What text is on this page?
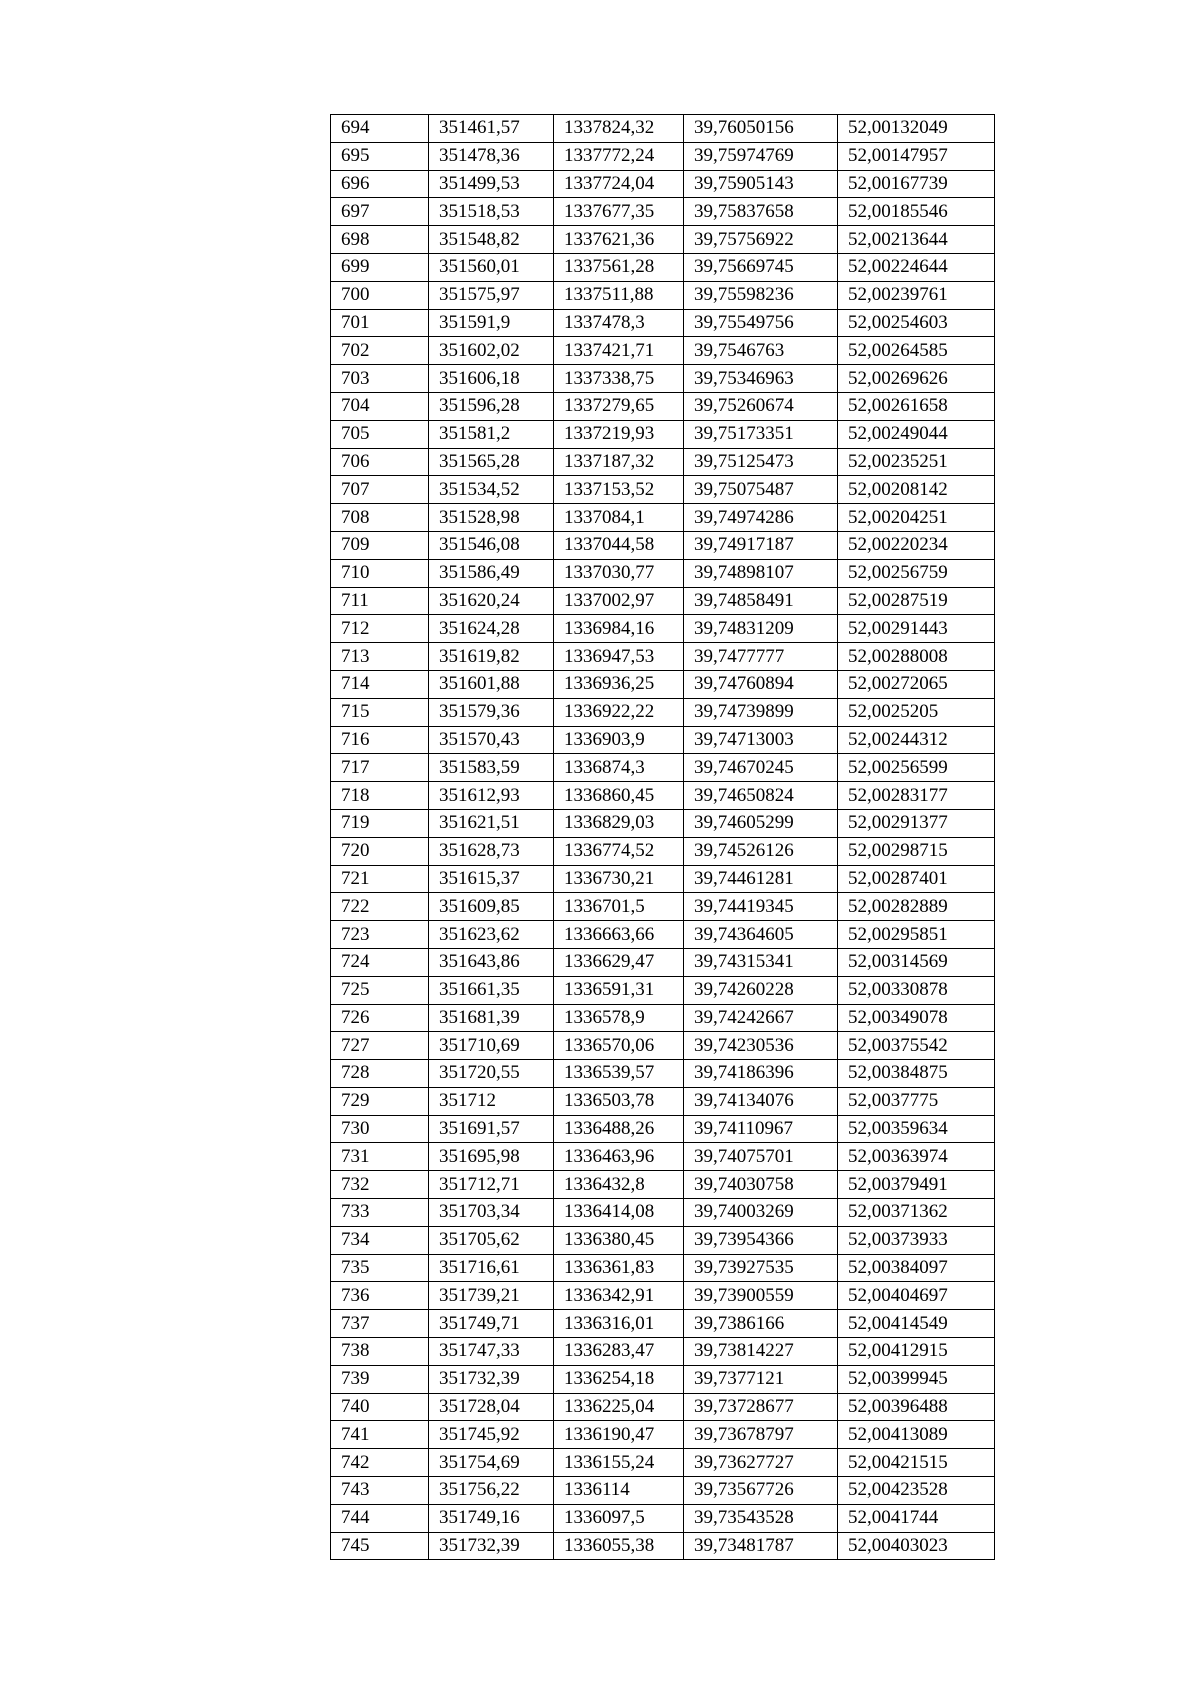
694	351461,57	1337824,32	39,76050156	52,00132049
695	351478,36	1337772,24	39,75974769	52,00147957
696	351499,53	1337724,04	39,75905143	52,00167739
697	351518,53	1337677,35	39,75837658	52,00185546
698	351548,82	1337621,36	39,75756922	52,00213644
699	351560,01	1337561,28	39,75669745	52,00224644
700	351575,97	1337511,88	39,75598236	52,00239761
701	351591,9	1337478,3	39,75549756	52,00254603
702	351602,02	1337421,71	39,7546763	52,00264585
703	351606,18	1337338,75	39,75346963	52,00269626
704	351596,28	1337279,65	39,75260674	52,00261658
705	351581,2	1337219,93	39,75173351	52,00249044
706	351565,28	1337187,32	39,75125473	52,00235251
707	351534,52	1337153,52	39,75075487	52,00208142
708	351528,98	1337084,1	39,74974286	52,00204251
709	351546,08	1337044,58	39,74917187	52,00220234
710	351586,49	1337030,77	39,74898107	52,00256759
711	351620,24	1337002,97	39,74858491	52,00287519
712	351624,28	1336984,16	39,74831209	52,00291443
713	351619,82	1336947,53	39,7477777	52,00288008
714	351601,88	1336936,25	39,74760894	52,00272065
715	351579,36	1336922,22	39,74739899	52,0025205
716	351570,43	1336903,9	39,74713003	52,00244312
717	351583,59	1336874,3	39,74670245	52,00256599
718	351612,93	1336860,45	39,74650824	52,00283177
719	351621,51	1336829,03	39,74605299	52,00291377
720	351628,73	1336774,52	39,74526126	52,00298715
721	351615,37	1336730,21	39,74461281	52,00287401
722	351609,85	1336701,5	39,74419345	52,00282889
723	351623,62	1336663,66	39,74364605	52,00295851
724	351643,86	1336629,47	39,74315341	52,00314569
725	351661,35	1336591,31	39,74260228	52,00330878
726	351681,39	1336578,9	39,74242667	52,00349078
727	351710,69	1336570,06	39,74230536	52,00375542
728	351720,55	1336539,57	39,74186396	52,00384875
729	351712	1336503,78	39,74134076	52,0037775
730	351691,57	1336488,26	39,74110967	52,00359634
731	351695,98	1336463,96	39,74075701	52,00363974
732	351712,71	1336432,8	39,74030758	52,00379491
733	351703,34	1336414,08	39,74003269	52,00371362
734	351705,62	1336380,45	39,73954366	52,00373933
735	351716,61	1336361,83	39,73927535	52,00384097
736	351739,21	1336342,91	39,73900559	52,00404697
737	351749,71	1336316,01	39,7386166	52,00414549
738	351747,33	1336283,47	39,73814227	52,00412915
739	351732,39	1336254,18	39,7377121	52,00399945
740	351728,04	1336225,04	39,73728677	52,00396488
741	351745,92	1336190,47	39,73678797	52,00413089
742	351754,69	1336155,24	39,73627727	52,00421515
743	351756,22	1336114	39,73567726	52,00423528
744	351749,16	1336097,5	39,73543528	52,0041744
745	351732,39	1336055,38	39,73481787	52,00403023
